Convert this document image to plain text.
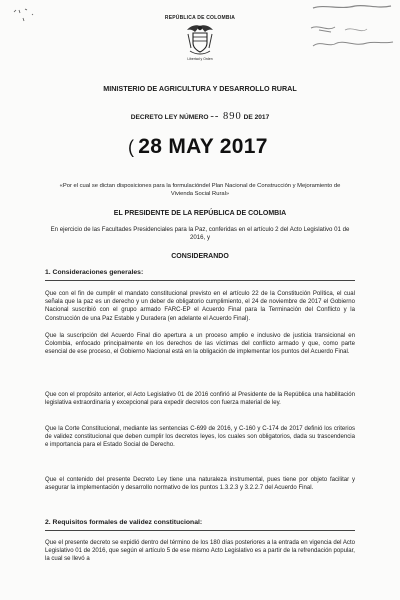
REPÚBLICA DE COLOMBIA
Libertad y Orden
MINISTERIO DE AGRICULTURA Y DESARROLLO RURAL
DECRETO LEY NÚMERO -- 890 DE 2017
( 28 MAY 2017
«Por el cual se dictan disposiciones para la formulacióndel Plan Nacional de Construcción y Mejoramiento de Vivienda Social Rural»
EL PRESIDENTE DE LA REPÚBLICA DE COLOMBIA
En ejercicio de las Facultades Presidenciales para la Paz, conferidas en el artículo 2 del Acto Legislativo 01 de 2016, y
CONSIDERANDO
1. Consideraciones generales:
Que con el fin de cumplir el mandato constitucional previsto en el artículo 22 de la Constitución Política, el cual señala que la paz es un derecho y un deber de obligatorio cumplimiento, el 24 de noviembre de 2017 el Gobierno Nacional suscribió con el grupo armado FARC-EP el Acuerdo Final para la Terminación del Conflicto y la Construcción de una Paz Estable y Duradera (en adelante el Acuerdo Final).
Que la suscripción del Acuerdo Final dio apertura a un proceso amplio e inclusivo de justicia transicional en Colombia, enfocado principalmente en los derechos de las víctimas del conflicto armado y que, como parte esencial de ese proceso, el Gobierno Nacional está en la obligación de implementar los puntos del Acuerdo Final.
Que con el propósito anterior, el Acto Legislativo 01 de 2016 confirió al Presidente de la República una habilitación legislativa extraordinaria y excepcional para expedir decretos con fuerza material de ley.
Que la Corte Constitucional, mediante las sentencias C-699 de 2016, y C-160 y C-174 de 2017 definió los criterios de validez constitucional que deben cumplir los decretos leyes, los cuales son obligatorios, dada su trascendencia e importancia para el Estado Social de Derecho.
Que el contenido del presente Decreto Ley tiene una naturaleza instrumental, pues tiene por objeto facilitar y asegurar la implementación y desarrollo normativo de los puntos 1.3.2.3 y 3.2.2.7 del Acuerdo Final.
2. Requisitos formales de validez constitucional:
Que el presente decreto se expidió dentro del término de los 180 días posteriores a la entrada en vigencia del Acto Legislativo 01 de 2016, que según el artículo 5 de ese mismo Acto Legislativo es a partir de la refrendación popular, la cual se llevó a
